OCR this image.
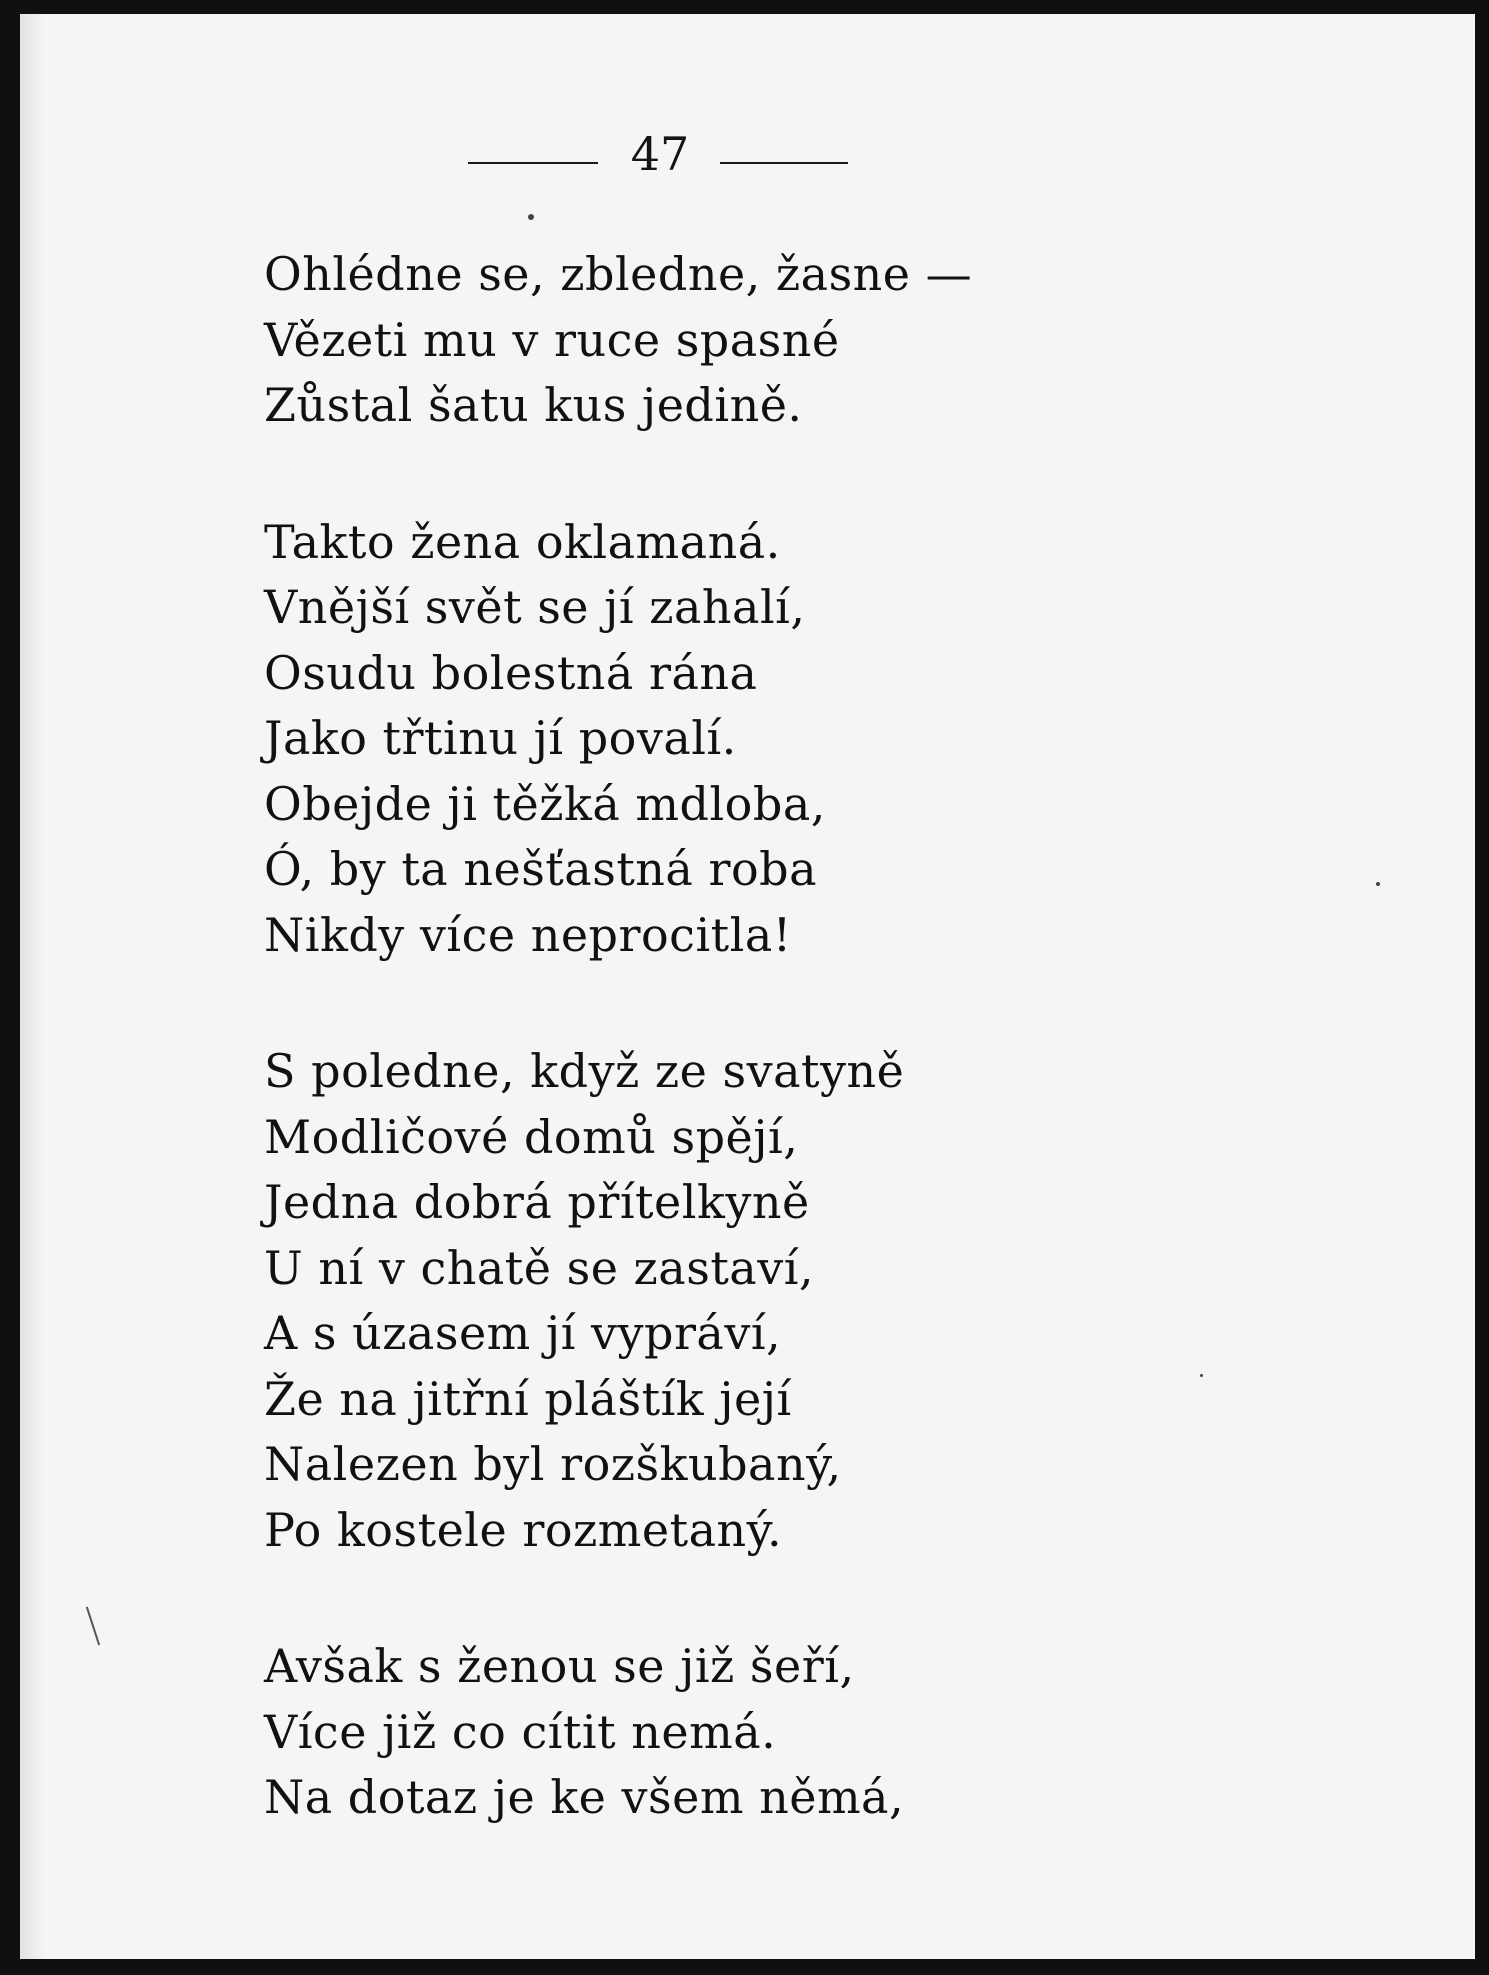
47
Ohlédne se, zbledne, žasne —
Vězeti mu v ruce spasné
Zůstal šatu kus jedině.
Takto žena oklamaná.
Vnější svět se jí zahalí,
Osudu bolestná rána
Jako třtinu jí povalí.
Obejde ji těžká mdloba,
Ó, by ta nešťastná roba
Nikdy více neprocitla!
S poledne, když ze svatyně
Modličové domů spějí,
Jedna dobrá přítelkyně
U ní v chatě se zastaví,
A s úzasem jí vypráví,
Že na jitřní pláštík její
Nalezen byl rozškubaný,
Po kostele rozmetaný.
Avšak s ženou se již šeří,
Více již co cítit nemá.
Na dotaz je ke všem němá,
